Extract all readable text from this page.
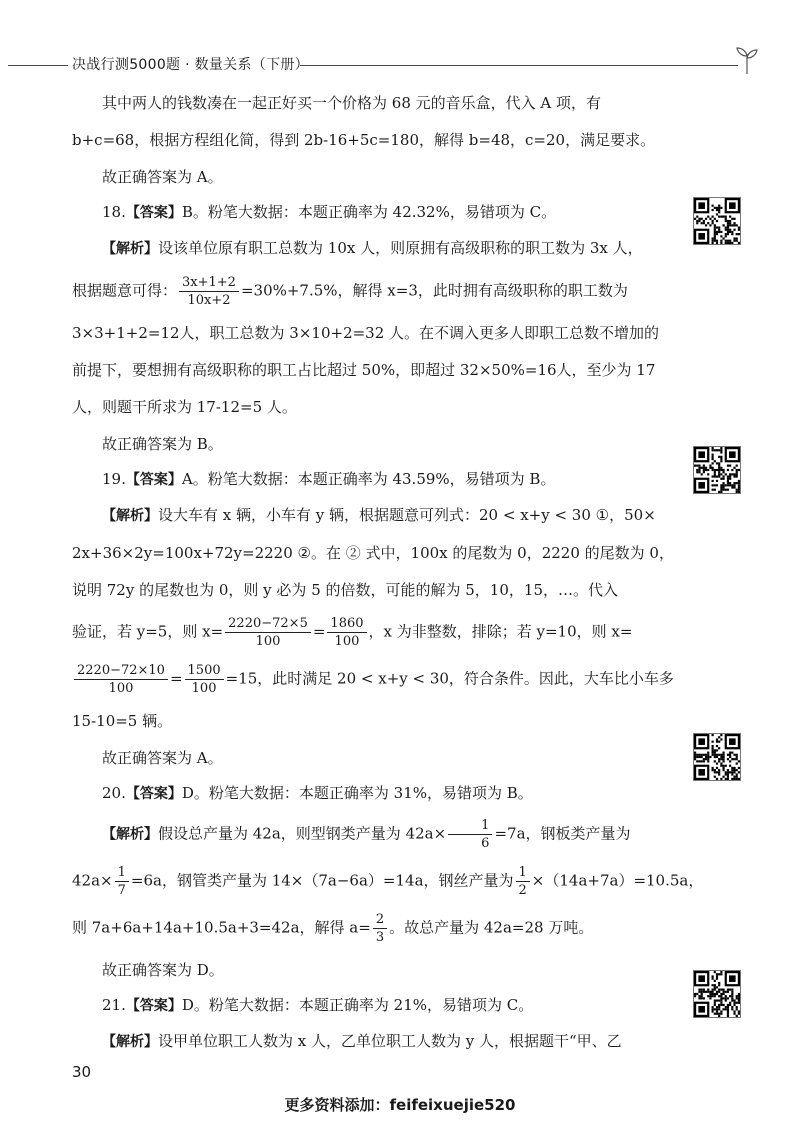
决战行测5000题 · 数量关系（下册）
其中两人的钱数凑在一起正好买一个价格为 68 元的音乐盒，代入 A 项，有
b+c=68，根据方程组化简，得到 2b-16+5c=180，解得 b=48，c=20，满足要求。
故正确答案为 A。
18.【答案】B。粉笔大数据：本题正确率为 42.32%，易错项为 C。
【解析】设该单位原有职工总数为 10x 人，则原拥有高级职称的职工数为 3x 人，
根据题意可得： $\frac{3x+1+2}{10x+2} =30\%+7.5\%$，解得 x=3，此时拥有高级职称的职工数为
3×3+1+2=12人，职工总数为 3×10+2=32 人。在不调入更多人即职工总数不增加的
前提下，要想拥有高级职称的职工占比超过 50%，即超过 32×50%=16人，至少为 17
人，则题干所求为 17-12=5 人。
故正确答案为 B。
19.【答案】A。粉笔大数据：本题正确率为 43.59%，易错项为 B。
【解析】设大车有 x 辆，小车有 y 辆，根据题意可列式：20 < x+y < 30 ①，50×
2x+36×2y=100x+72y=2220 ②。在 ② 式中，100x 的尾数为 0，2220 的尾数为 0，
说明 72y 的尾数也为 0，则 y 必为 5 的倍数，可能的解为 5，10，15，…。代入
验证，若 y=5，则 $x= \frac{2220-72\times 5}{100} = \frac{1860}{100}$ ，x 为非整数，排除；若 y=10，则 x=
$\frac{2220-72\times 10}{100} = \frac{1500}{100} =15$，此时满足 20 < x+y < 30，符合条件。因此，大车比小车多
15-10=5 辆。
故正确答案为 A。
20.【答案】D。粉笔大数据：本题正确率为 31%，易错项为 B。
【解析】假设总产量为 42a，则型钢类产量为 $42a\times \frac{1}{6} =7a$，钢板类产量为
$42a\times \frac{1}{7} =6a$，钢管类产量为 14×（7a−6a）=14a，钢丝产量为 $\frac{1}{2} \times(14a+7a)=10.5a$，
则 7a+6a+14a+10.5a+3=42a，解得 $a= \frac{2}{3}$ 。故总产量为 42a=28 万吨。
故正确答案为 D。
21.【答案】D。粉笔大数据：本题正确率为 21%，易错项为 C。
【解析】设甲单位职工人数为 x 人，乙单位职工人数为 y 人，根据题干“甲、乙
30
更多资料添加：feifeixuejie520
